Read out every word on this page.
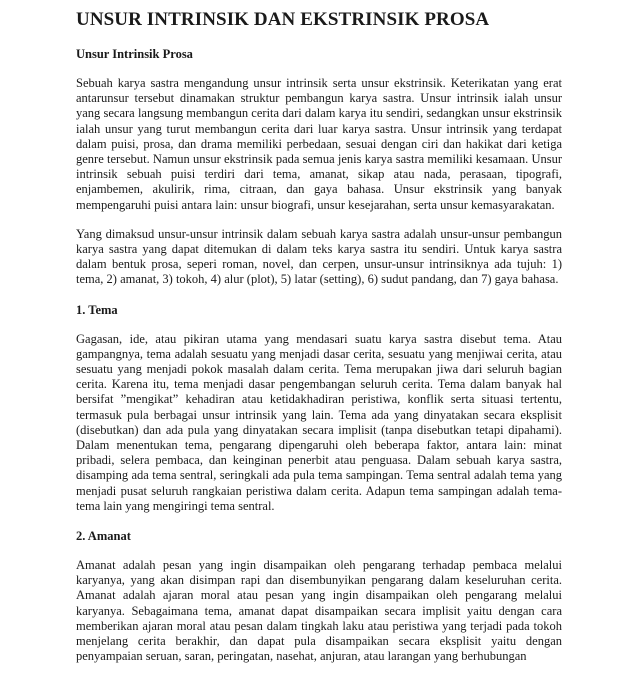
UNSUR INTRINSIK DAN EKSTRINSIK PROSA
Unsur Intrinsik Prosa

Sebuah karya sastra mengandung unsur intrinsik serta unsur ekstrinsik. Keterikatan yang erat antarunsur tersebut dinamakan struktur pembangun karya sastra. Unsur intrinsik ialah unsur yang secara langsung membangun cerita dari dalam karya itu sendiri, sedangkan unsur ekstrinsik ialah unsur yang turut membangun cerita dari luar karya sastra. Unsur intrinsik yang terdapat dalam puisi, prosa, dan drama memiliki perbedaan, sesuai dengan ciri dan hakikat dari ketiga genre tersebut. Namun unsur ekstrinsik pada semua jenis karya sastra memiliki kesamaan. Unsur intrinsik sebuah puisi terdiri dari tema, amanat, sikap atau nada, perasaan, tipografi, enjambemen, akulirik, rima, citraan, dan gaya bahasa. Unsur ekstrinsik yang banyak mempengaruhi puisi antara lain: unsur biografi, unsur kesejarahan, serta unsur kemasyarakatan.

Yang dimaksud unsur-unsur intrinsik dalam sebuah karya sastra adalah unsur-unsur pembangun karya sastra yang dapat ditemukan di dalam teks karya sastra itu sendiri. Untuk karya sastra dalam bentuk prosa, seperi roman, novel, dan cerpen, unsur-unsur intrinsiknya ada tujuh: 1) tema, 2) amanat, 3) tokoh, 4) alur (plot), 5) latar (setting), 6) sudut pandang, dan 7) gaya bahasa.

1. Tema

Gagasan, ide, atau pikiran utama yang mendasari suatu karya sastra disebut tema. Atau gampangnya, tema adalah sesuatu yang menjadi dasar cerita, sesuatu yang menjiwai cerita, atau sesuatu yang menjadi pokok masalah dalam cerita. Tema merupakan jiwa dari seluruh bagian cerita. Karena itu, tema menjadi dasar pengembangan seluruh cerita. Tema dalam banyak hal bersifat ”mengikat” kehadiran atau ketidakhadiran peristiwa, konflik serta situasi tertentu, termasuk pula berbagai unsur intrinsik yang lain. Tema ada yang dinyatakan secara eksplisit (disebutkan) dan ada pula yang dinyatakan secara implisit (tanpa disebutkan tetapi dipahami). Dalam menentukan tema, pengarang dipengaruhi oleh beberapa faktor, antara lain: minat pribadi, selera pembaca, dan keinginan penerbit atau penguasa. Dalam sebuah karya sastra, disamping ada tema sentral, seringkali ada pula tema sampingan. Tema sentral adalah tema yang menjadi pusat seluruh rangkaian peristiwa dalam cerita. Adapun tema sampingan adalah tema-tema lain yang mengiringi tema sentral.

2. Amanat

Amanat adalah pesan yang ingin disampaikan oleh pengarang terhadap pembaca melalui karyanya, yang akan disimpan rapi dan disembunyikan pengarang dalam keseluruhan cerita. Amanat adalah ajaran moral atau pesan yang ingin disampaikan oleh pengarang melalui karyanya. Sebagaimana tema, amanat dapat disampaikan secara implisit yaitu dengan cara memberikan ajaran moral atau pesan dalam tingkah laku atau peristiwa yang terjadi pada tokoh menjelang cerita berakhir, dan dapat pula disampaikan secara eksplisit yaitu dengan penyampaian seruan, saran, peringatan, nasehat, anjuran, atau larangan yang berhubungan
